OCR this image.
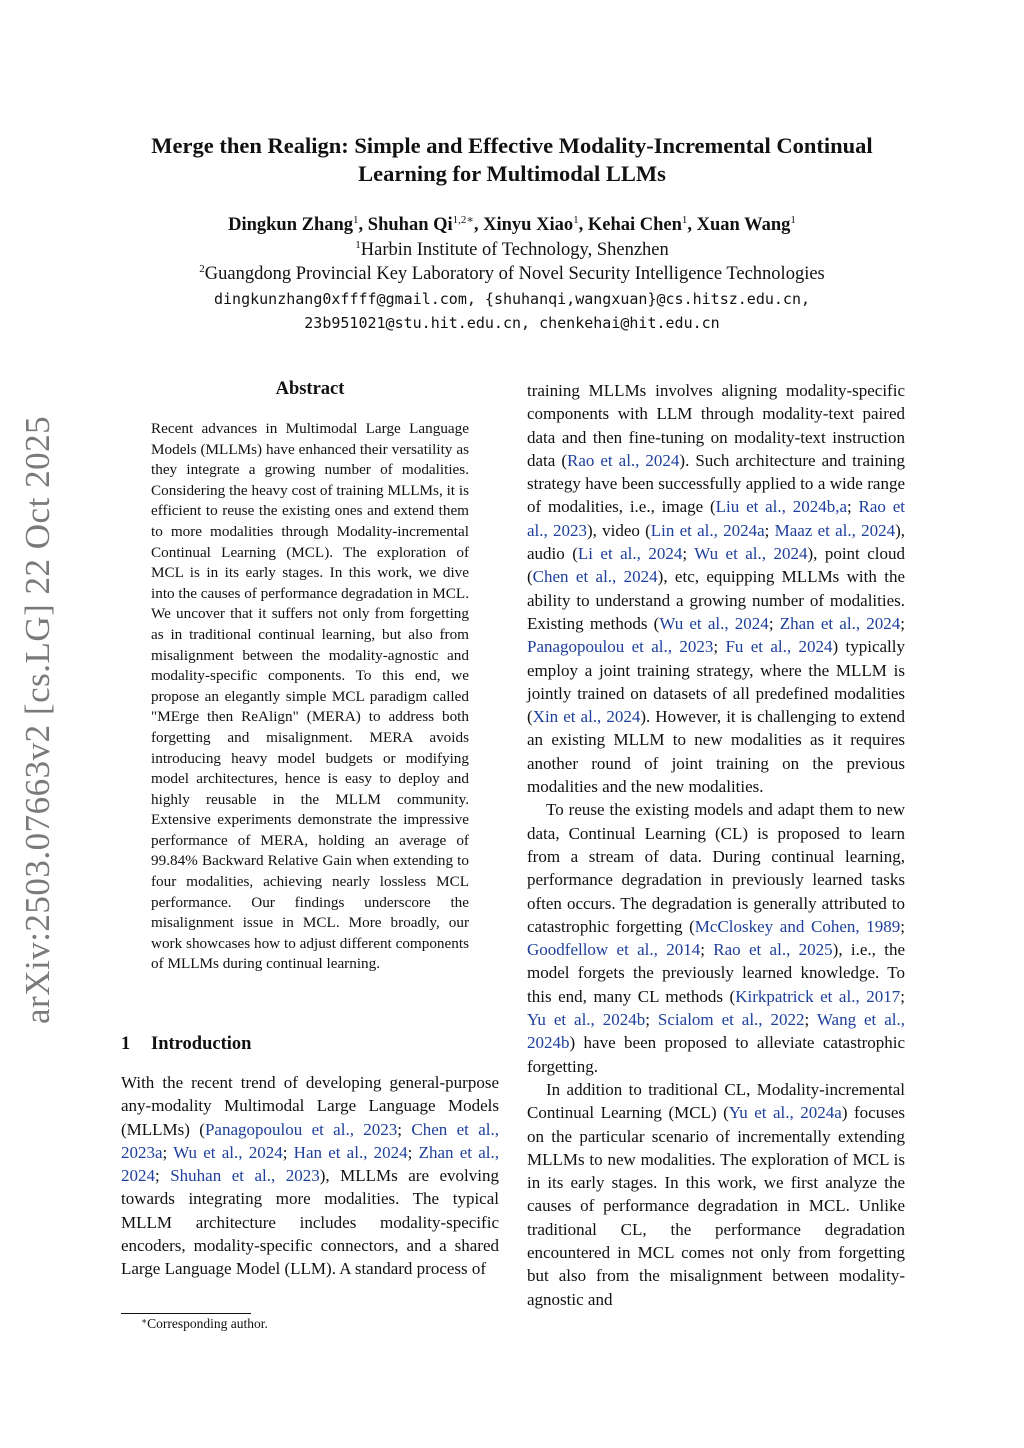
arXiv:2503.07663v2 [cs.LG] 22 Oct 2025
Merge then Realign: Simple and Effective Modality-Incremental Continual
Learning for Multimodal LLMs
Dingkun Zhang$^1$, Shuhan $Qi^{1,2∗}$, Xinyu Xiao$^1$, Kehai Chen$^1$, Xuan Wang$^1$
$^1$Harbin Institute of Technology, Shenzhen
$^2$Guangdong Provincial Key Laboratory of Novel Security Intelligence Technologies
dingkunzhang0xffff@gmail.com, {shuhanqi,wangxuan}@cs.hitsz.edu.cn,
23b951021@stu.hit.edu.cn, chenkehai@hit.edu.cn
Abstract
Recent advances in Multimodal Large Language Models (MLLMs) have enhanced their versatility as they integrate a growing number of modalities. Considering the heavy cost of training MLLMs, it is efficient to reuse the existing ones and extend them to more modalities through Modality-incremental Continual Learning (MCL). The exploration of MCL is in its early stages. In this work, we dive into the causes of performance degradation in MCL. We uncover that it suffers not only from forgetting as in traditional continual learning, but also from misalignment between the modality-agnostic and modality-specific components. To this end, we propose an elegantly simple MCL paradigm called "MErge then ReAlign" (MERA) to address both forgetting and misalignment. MERA avoids introducing heavy model budgets or modifying model architectures, hence is easy to deploy and highly reusable in the MLLM community. Extensive experiments demonstrate the impressive performance of MERA, holding an average of 99.84% Backward Relative Gain when extending to four modalities, achieving nearly lossless MCL performance. Our findings underscore the misalignment issue in MCL. More broadly, our work showcases how to adjust different components of MLLMs during continual learning.
1 Introduction

With the recent trend of developing general-purpose any-modality Multimodal Large Language Models (MLLMs) (Panagopoulou et al., 2023; Chen et al., 2023a; Wu et al., 2024; Han et al., 2024; Zhan et al., 2024; Shuhan et al., 2023), MLLMs are evolving towards integrating more modalities. The typical MLLM architecture includes modality-specific encoders, modality-specific connectors, and a shared Large Language Model (LLM). A standard process of

training MLLMs involves aligning modality-specific components with LLM through modality-text paired data and then fine-tuning on modality-text instruction data (Rao et al., 2024). Such architecture and training strategy have been successfully applied to a wide range of modalities, i.e., image (Liu et al., 2024b,a; Rao et al., 2023), video (Lin et al., 2024a; Maaz et al., 2024), audio (Li et al., 2024; Wu et al., 2024), point cloud (Chen et al., 2024), etc, equipping MLLMs with the ability to understand a growing number of modalities. Existing methods (Wu et al., 2024; Zhan et al., 2024; Panagopoulou et al., 2023; Fu et al., 2024) typically employ a joint training strategy, where the MLLM is jointly trained on datasets of all predefined modalities (Xin et al., 2024). However, it is challenging to extend an existing MLLM to new modalities as it requires another round of joint training on the previous modalities and the new modalities.

To reuse the existing models and adapt them to new data, Continual Learning (CL) is proposed to learn from a stream of data. During continual learning, performance degradation in previously learned tasks often occurs. The degradation is generally attributed to catastrophic forgetting (McCloskey and Cohen, 1989; Goodfellow et al., 2014; Rao et al., 2025), i.e., the model forgets the previously learned knowledge. To this end, many CL methods (Kirkpatrick et al., 2017; Yu et al., 2024b; Scialom et al., 2022; Wang et al., 2024b) have been proposed to alleviate catastrophic forgetting.

In addition to traditional CL, Modality-incremental Continual Learning (MCL) (Yu et al., 2024a) focuses on the particular scenario of incrementally extending MLLMs to new modalities. The exploration of MCL is in its early stages. In this work, we first analyze the causes of performance degradation in MCL. Unlike traditional CL, the performance degradation encountered in MCL comes not only from forgetting but also from the misalignment between modality-agnostic and

∗Corresponding author.
